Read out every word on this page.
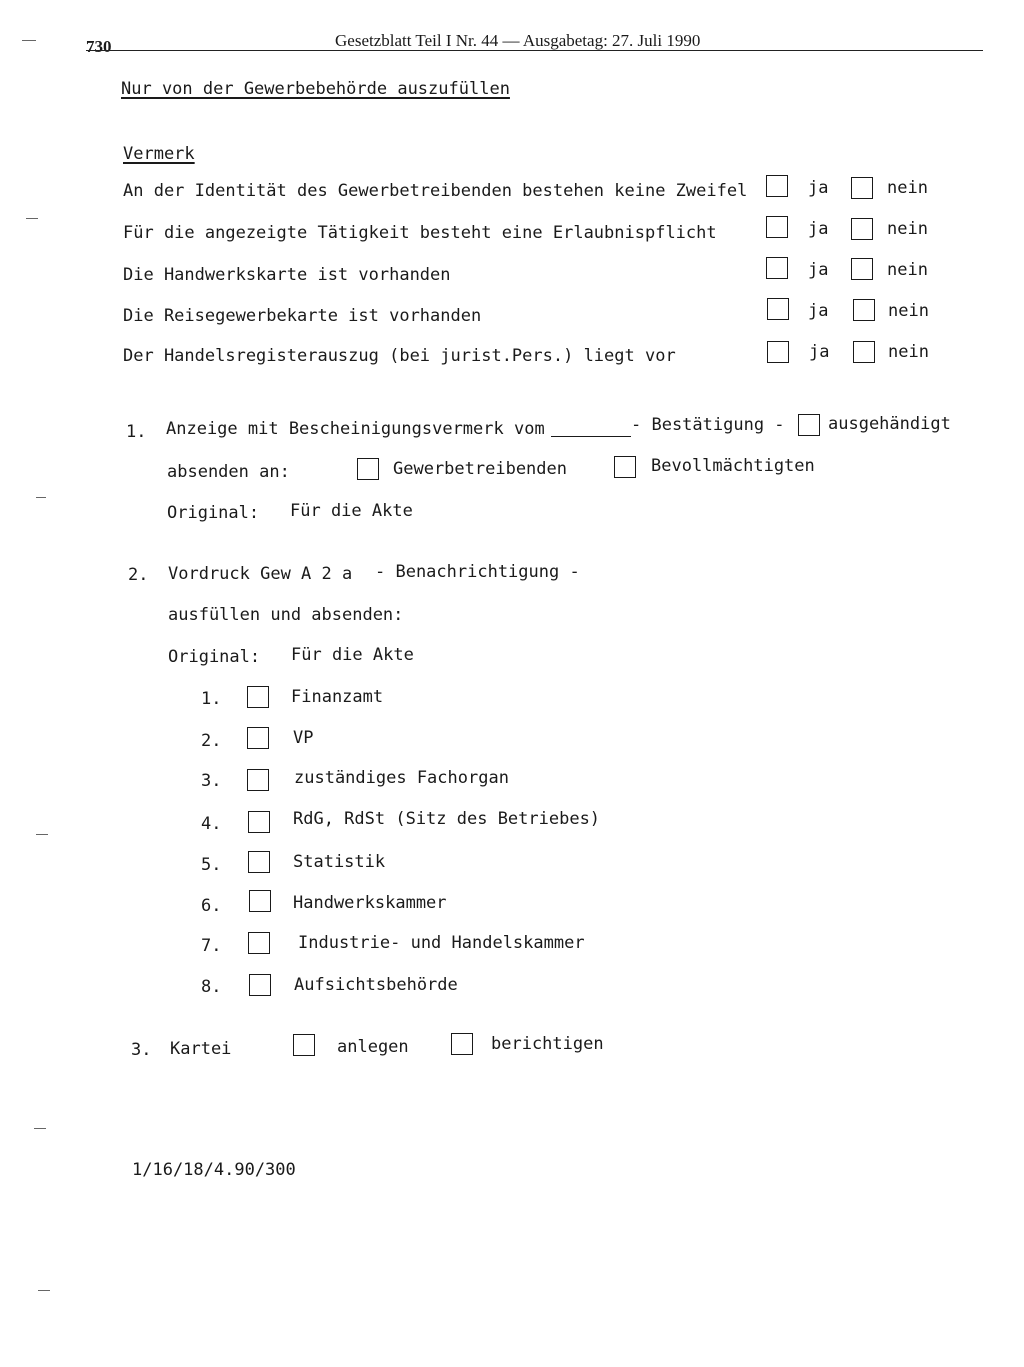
730	Gesetzblatt Teil I Nr. 44 — Ausgabetag: 27. Juli 1990
Nur von der Gewerbebehörde auszufüllen
Vermerk
An der Identität des Gewerbetreibenden bestehen keine Zweifel	ja	nein
Für die angezeigte Tätigkeit besteht eine Erlaubnispflicht	ja	nein
Die Handwerkskarte ist vorhanden	ja	nein
Die Reisegewerbekarte ist vorhanden	ja	nein
Der Handelsregisterauszug (bei jurist.Pers.) liegt vor	ja	nein
1. Anzeige mit Bescheinigungsvermerk vom	- Bestätigung -	ausgehändigt
absenden an:	Gewerbetreibenden	Bevollmächtigten
Original: Für die Akte
2. Vordruck Gew A 2 a - Benachrichtigung -
ausfüllen und absenden:
Original: Für die Akte
1.	Finanzamt
2.	VP
3.	zuständiges Fachorgan
4.	RdG, RdSt (Sitz des Betriebes)
5.	Statistik
6.	Handwerkskammer
7.	Industrie- und Handelskammer
8.	Aufsichtsbehörde
3. Kartei	anlegen	berichtigen
1/16/18/4.90/300
